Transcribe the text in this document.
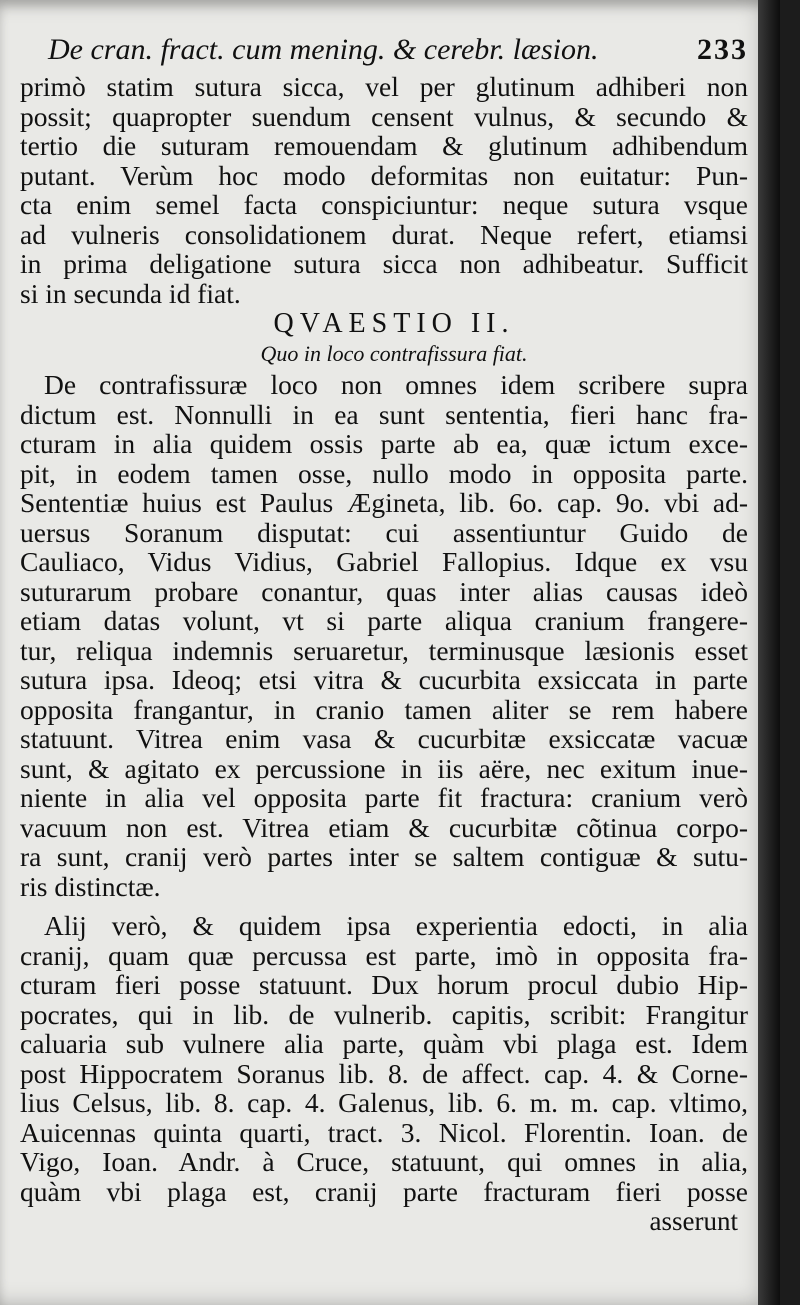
De cran. fract. cum mening. & cerebr. læsion.	233
primò statim sutura sicca, vel per glutinum adhiberi non
possit; quapropter suendum censent vulnus, & secundo &
tertio die suturam remouendam & glutinum adhibendum
putant. Verùm hoc modo deformitas non euitatur: Pun-
cta enim semel facta conspiciuntur: neque sutura vsque
ad vulneris consolidationem durat. Neque refert, etiamsi
in prima deligatione sutura sicca non adhibeatur. Sufficit
si in secunda id fiat.
QVAESTIO II.
Quo in loco contrafissura fiat.
De contrafissuræ loco non omnes idem scribere supra
dictum est. Nonnulli in ea sunt sententia, fieri hanc fra-
cturam in alia quidem ossis parte ab ea, quæ ictum exce-
pit, in eodem tamen osse, nullo modo in opposita parte.
Sententiæ huius est Paulus Ægineta, lib. 6o. cap. 9o. vbi ad-
uersus Soranum disputat: cui assentiuntur Guido de
Cauliaco, Vidus Vidius, Gabriel Fallopius. Idque ex vsu
suturarum probare conantur, quas inter alias causas ideò
etiam datas volunt, vt si parte aliqua cranium frangere-
tur, reliqua indemnis seruaretur, terminusque læsionis esset
sutura ipsa. Ideoq; etsi vitra & cucurbita exsiccata in parte
opposita frangantur, in cranio tamen aliter se rem habere
statuunt. Vitrea enim vasa & cucurbitæ exsiccatæ vacuæ
sunt, & agitato ex percussione in iis aëre, nec exitum inue-
niente in alia vel opposita parte fit fractura: cranium verò
vacuum non est. Vitrea etiam & cucurbitæ cõtinua corpo-
ra sunt, cranij verò partes inter se saltem contiguæ & sutu-
ris distinctæ.
Alij verò, & quidem ipsa experientia edocti, in alia
cranij, quam quæ percussa est parte, imò in opposita fra-
cturam fieri posse statuunt. Dux horum procul dubio Hip-
pocrates, qui in lib. de vulnerib. capitis, scribit: Frangitur
caluaria sub vulnere alia parte, quàm vbi plaga est. Idem
post Hippocratem Soranus lib. 8. de affect. cap. 4. & Corne-
lius Celsus, lib. 8. cap. 4. Galenus, lib. 6. m. m. cap. vltimo,
Auicennas quinta quarti, tract. 3. Nicol. Florentin. Ioan. de
Vigo, Ioan. Andr. à Cruce, statuunt, qui omnes in alia,
quàm vbi plaga est, cranij parte fracturam fieri posse
asserunt
